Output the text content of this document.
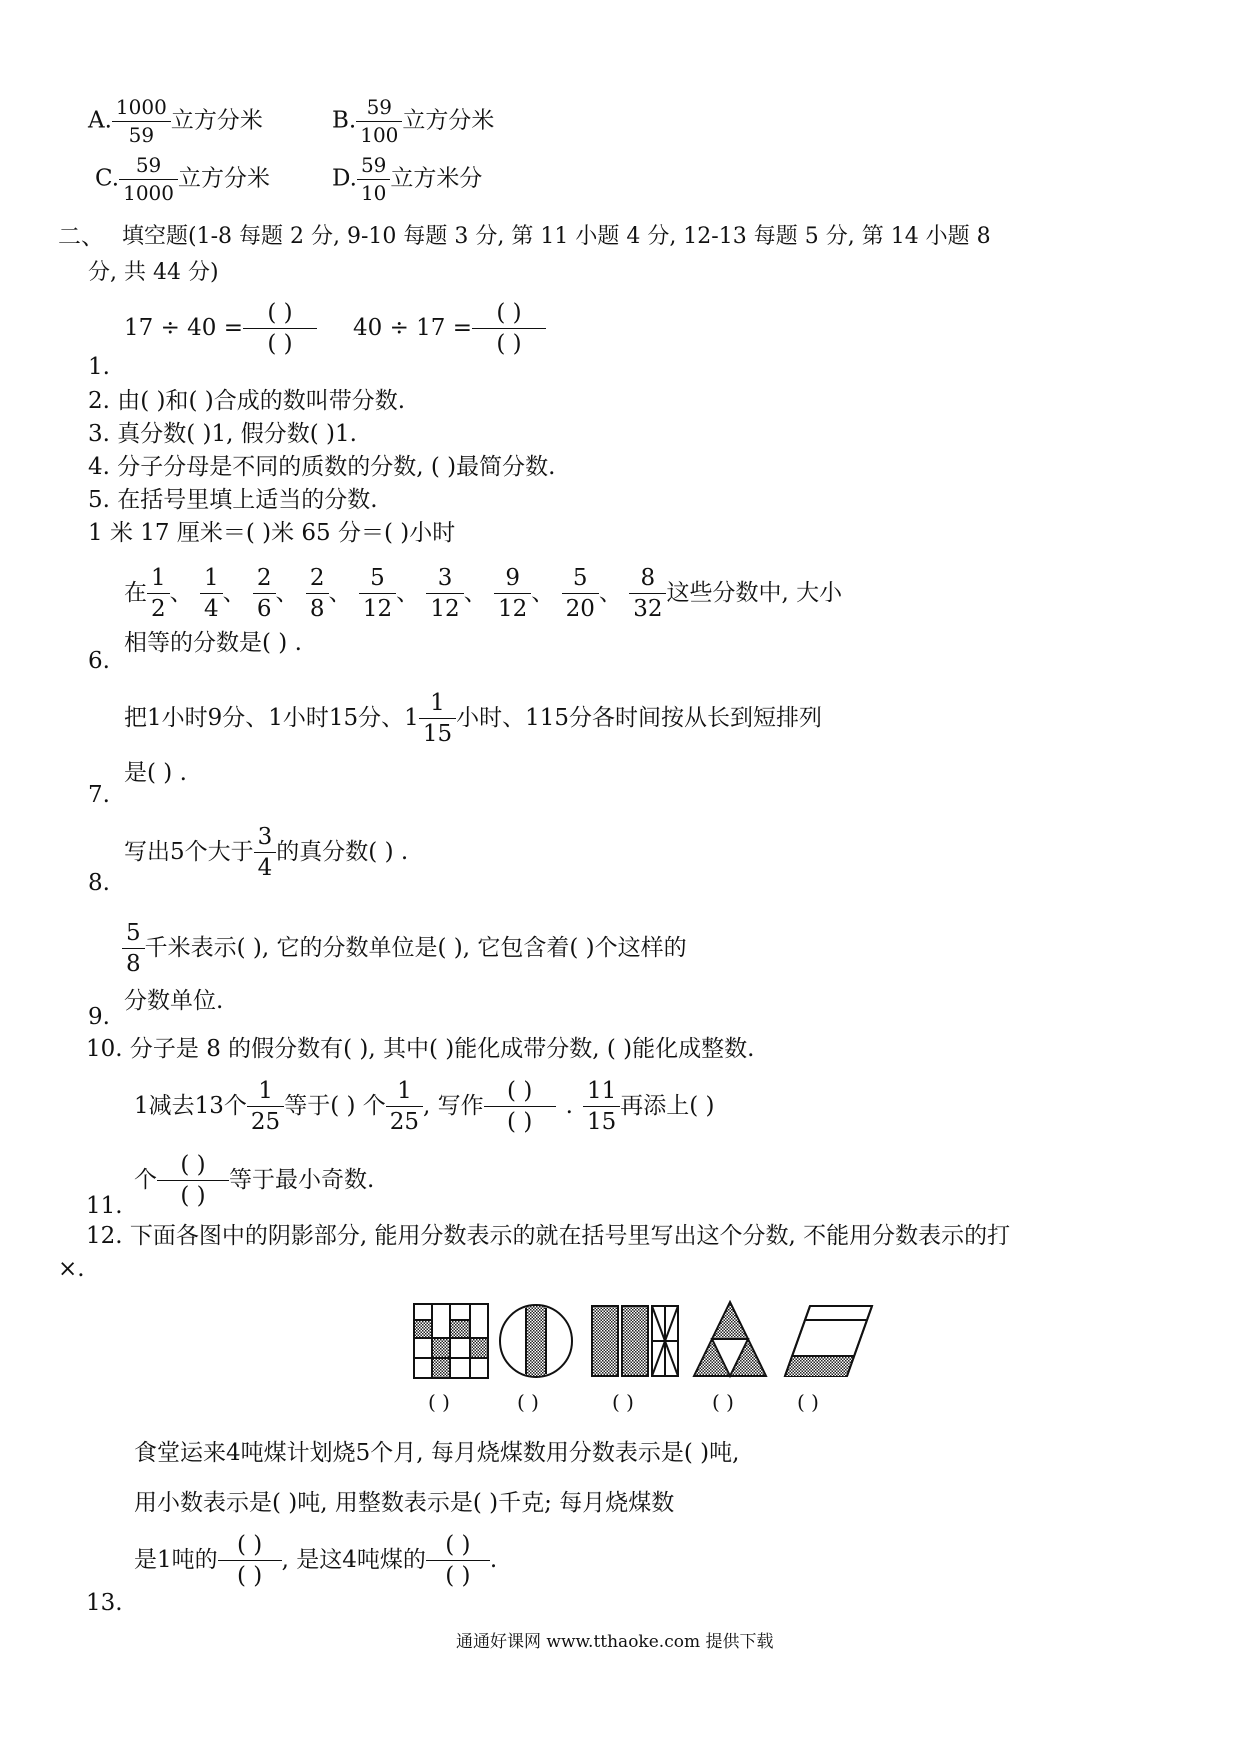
A. $\frac{1000}{59}$ 立方分米	B. $\frac{59}{100}$ 立方分米
C. $\frac{59}{1000}$ 立方分米	D. $\frac{59}{10}$ 立方米分
二、 填空题(1-8 每题 2 分, 9-10 每题 3 分, 第 11 小题 4 分, 12-13 每题 5 分, 第 14 小题 8
分, 共 44 分)
17 ÷ 40 =
( )
( )
40 ÷ 17 =
( )
( )
1.
2. 由( )和( )合成的数叫带分数.
3. 真分数( )1, 假分数( )1.
4. 分子分母是不同的质数的分数, ( )最简分数.
5. 在括号里填上适当的分数.
1 米 17 厘米＝( )米 65 分＝( )小时
在 $\frac{1}{2}$ 、 $\frac{1}{4}$ 、 $\frac{2}{6}$ 、 $\frac{2}{8}$ 、 $\frac{5}{12}$ 、 $\frac{3}{12}$ 、 $\frac{9}{12}$ 、 $\frac{5}{20}$ 、 $\frac{8}{32}$ 这些分数中, 大小
相等的分数是( ) .
6.
把1小时9分、1小时15分、$1 \frac{1}{15}$ 小时、115分各时间按从长到短排列
是( ) .
7.
写出5个大于 $\frac{3}{4}$ 的真分数( ) .
8.
$\frac{5}{8}$ 千米表示( ), 它的分数单位是( ), 它包含着( )个这样的
分数单位.
9.
10. 分子是 8 的假分数有( ), 其中( )能化成带分数, ( )能化成整数.
1减去13个 $\frac{1}{25}$ 等于( ) 个 $\frac{1}{25}$ , 写作
( )
( )
. $\frac{11}{15}$ 再添上( )
个
( )
( )
等于最小奇数.
11.
12. 下面各图中的阴影部分, 能用分数表示的就在括号里写出这个分数, 不能用分数表示的打
×.
( )	( )	( )	( )	( )
食堂运来4吨煤计划烧5个月, 每月烧煤数用分数表示是( )吨,
用小数表示是( )吨, 用整数表示是( )千克; 每月烧煤数
是1吨的
( )
( )
, 是这4吨煤的
( )
( )
.
13.
通通好课网 www.tthaoke.com 提供下载
